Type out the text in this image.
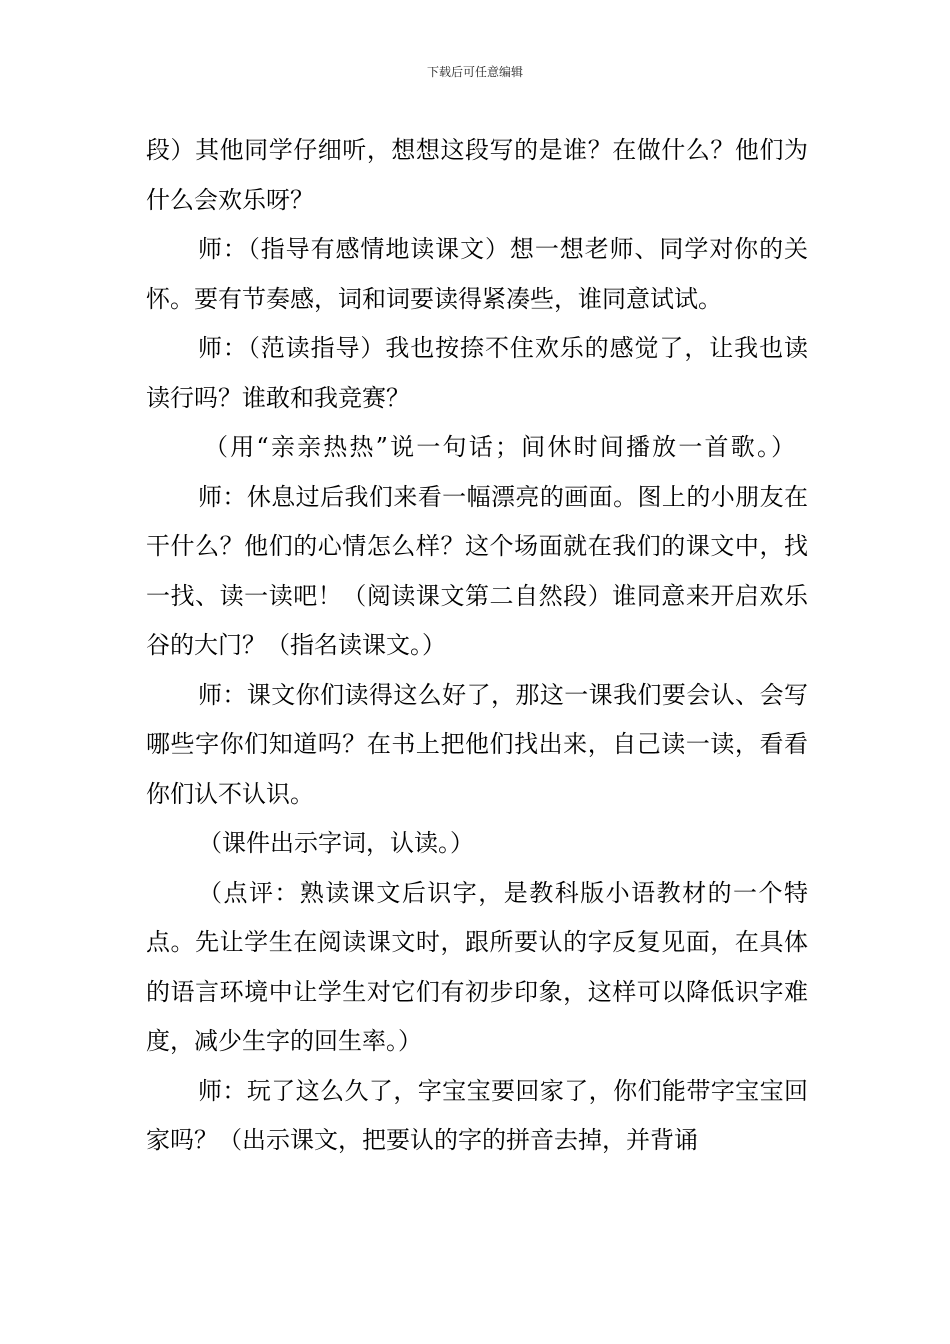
下载后可任意编辑

段）其他同学仔细听，想想这段写的是谁？在做什么？他们为什么会欢乐呀？

师：（指导有感情地读课文）想一想老师、同学对你的关怀。要有节奏感，词和词要读得紧凑些，谁同意试试。

师：（范读指导）我也按捺不住欢乐的感觉了，让我也读读行吗？谁敢和我竞赛？

（用“亲亲热热”说一句话；间休时间播放一首歌。）

师：休息过后我们来看一幅漂亮的画面。图上的小朋友在干什么？他们的心情怎么样？这个场面就在我们的课文中，找一找、读一读吧！（阅读课文第二自然段）谁同意来开启欢乐谷的大门？（指名读课文。）

师：课文你们读得这么好了，那这一课我们要会认、会写哪些字你们知道吗？在书上把他们找出来，自己读一读，看看你们认不认识。

（课件出示字词，认读。）

（点评：熟读课文后识字，是教科版小语教材的一个特点。先让学生在阅读课文时，跟所要认的字反复见面，在具体的语言环境中让学生对它们有初步印象，这样可以降低识字难度，减少生字的回生率。）

师：玩了这么久了，字宝宝要回家了，你们能带字宝宝回家吗？（出示课文，把要认的字的拼音去掉，并背诵
